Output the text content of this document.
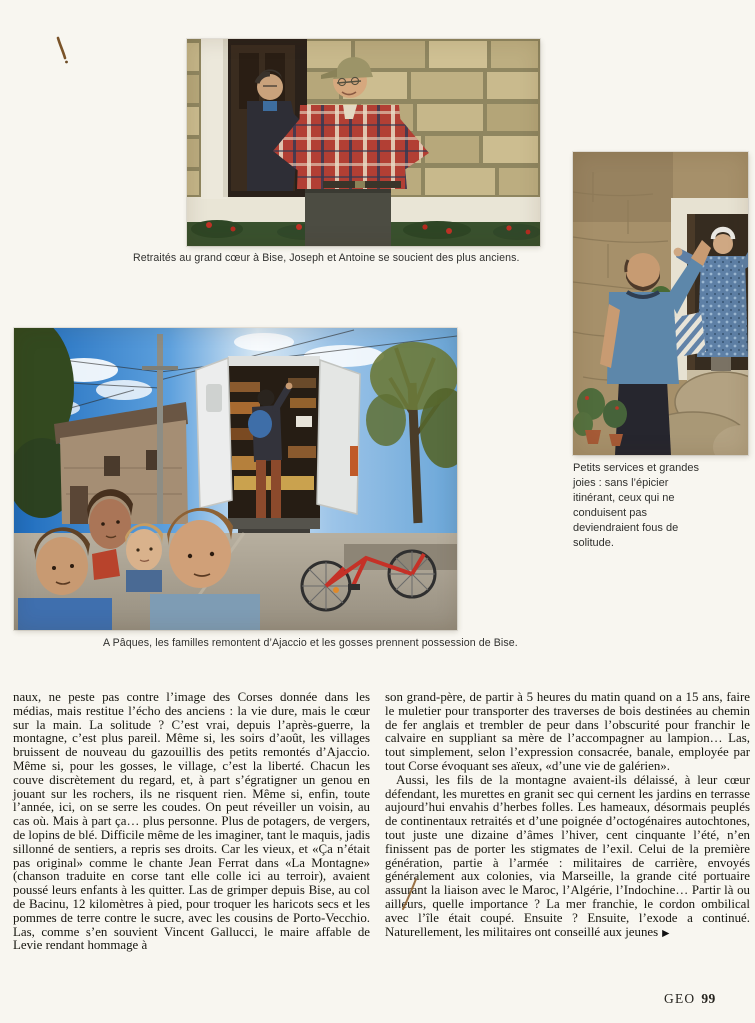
Retraités au grand cœur à Bise, Joseph et Antoine se soucient des plus anciens.
Petits services et grandes joies : sans l’épicier itinérant, ceux qui ne conduisent pas deviendraient fous de solitude.
A Pâques, les familles remontent d’Ajaccio et les gosses prennent possession de Bise.

naux, ne peste pas contre l’image des Corses donnée dans les médias, mais restitue l’écho des anciens : la vie dure, mais le cœur sur la main. La solitude ? C’est vrai, depuis l’après-guerre, la montagne, c’est plus pareil. Même si, les soirs d’août, les villages bruissent de nouveau du gazouillis des petits remontés d’Ajaccio. Même si, pour les gosses, le village, c’est la liberté. Chacun les couve discrètement du regard, et, à part s’égratigner un genou en jouant sur les rochers, ils ne risquent rien. Même si, enfin, toute l’année, ici, on se serre les coudes. On peut réveiller un voisin, au cas où. Mais à part ça… plus personne. Plus de potagers, de vergers, de lopins de blé. Difficile même de les imaginer, tant le maquis, jadis sillonné de sentiers, a repris ses droits. Car les vieux, et «Ça n’était pas original» comme le chante Jean Ferrat dans «La Montagne» (chanson traduite en corse tant elle colle ici au terroir), avaient poussé leurs enfants à les quitter. Las de grimper depuis Bise, au col de Bacinu, 12 kilomètres à pied, pour troquer les haricots secs et les pommes de terre contre le sucre, avec les cousins de Porto-Vecchio. Las, comme s’en souvient Vincent Gallucci, le maire affable de Levie rendant hommage à

son grand-père, de partir à 5 heures du matin quand on a 15 ans, faire le muletier pour transporter des traverses de bois destinées au chemin de fer anglais et trembler de peur dans l’obscurité pour franchir le calvaire en suppliant sa mère de l’accompagner au lampion… Las, tout simplement, selon l’expression consacrée, banale, employée par tout Corse évoquant ses aïeux, «d’une vie de galérien».

Aussi, les fils de la montagne avaient-ils délaissé, à leur cœur défendant, les murettes en granit sec qui cernent les jardins en terrasse aujourd’hui envahis d’herbes folles. Les hameaux, désormais peuplés de continentaux retraités et d’une poignée d’octogénaires autochtones, tout juste une dizaine d’âmes l’hiver, cent cinquante l’été, n’en finissent pas de porter les stigmates de l’exil. Celui de la première génération, partie à l’armée : militaires de carrière, envoyés généralement aux colonies, via Marseille, la grande cité portuaire assurant la liaison avec le Maroc, l’Algérie, l’Indochine… Partir là ou ailleurs, quelle importance ? La mer franchie, le cordon ombilical avec l’île était coupé. Ensuite ? Ensuite, l’exode a continué. Naturellement, les militaires ont conseillé aux jeunes ▶

GEO 99
